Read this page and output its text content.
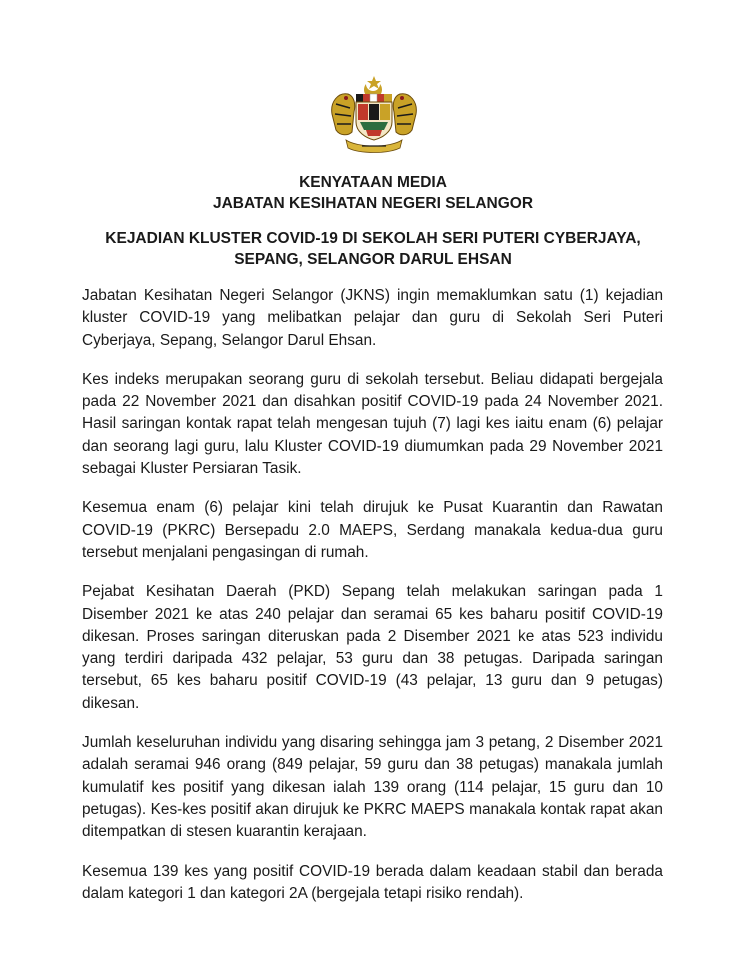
KENYATAAN MEDIA
JABATAN KESIHATAN NEGERI SELANGOR
KEJADIAN KLUSTER COVID-19 DI SEKOLAH SERI PUTERI CYBERJAYA,
SEPANG, SELANGOR DARUL EHSAN

Jabatan Kesihatan Negeri Selangor (JKNS) ingin memaklumkan satu (1) kejadian kluster COVID-19 yang melibatkan pelajar dan guru di Sekolah Seri Puteri Cyberjaya, Sepang, Selangor Darul Ehsan.

Kes indeks merupakan seorang guru di sekolah tersebut. Beliau didapati bergejala pada 22 November 2021 dan disahkan positif COVID-19 pada 24 November 2021. Hasil saringan kontak rapat telah mengesan tujuh (7) lagi kes iaitu enam (6) pelajar dan seorang lagi guru, lalu Kluster COVID-19 diumumkan pada 29 November 2021 sebagai Kluster Persiaran Tasik.

Kesemua enam (6) pelajar kini telah dirujuk ke Pusat Kuarantin dan Rawatan COVID-19 (PKRC) Bersepadu 2.0 MAEPS, Serdang manakala kedua-dua guru tersebut menjalani pengasingan di rumah.

Pejabat Kesihatan Daerah (PKD) Sepang telah melakukan saringan pada 1 Disember 2021 ke atas 240 pelajar dan seramai 65 kes baharu positif COVID-19 dikesan. Proses saringan diteruskan pada 2 Disember 2021 ke atas 523 individu yang terdiri daripada 432 pelajar, 53 guru dan 38 petugas. Daripada saringan tersebut, 65 kes baharu positif COVID-19 (43 pelajar, 13 guru dan 9 petugas) dikesan.

Jumlah keseluruhan individu yang disaring sehingga jam 3 petang, 2 Disember 2021 adalah seramai 946 orang (849 pelajar, 59 guru dan 38 petugas) manakala jumlah kumulatif kes positif yang dikesan ialah 139 orang (114 pelajar, 15 guru dan 10 petugas). Kes-kes positif akan dirujuk ke PKRC MAEPS manakala kontak rapat akan ditempatkan di stesen kuarantin kerajaan.

Kesemua 139 kes yang positif COVID-19 berada dalam keadaan stabil dan berada dalam kategori 1 dan kategori 2A (bergejala tetapi risiko rendah).
